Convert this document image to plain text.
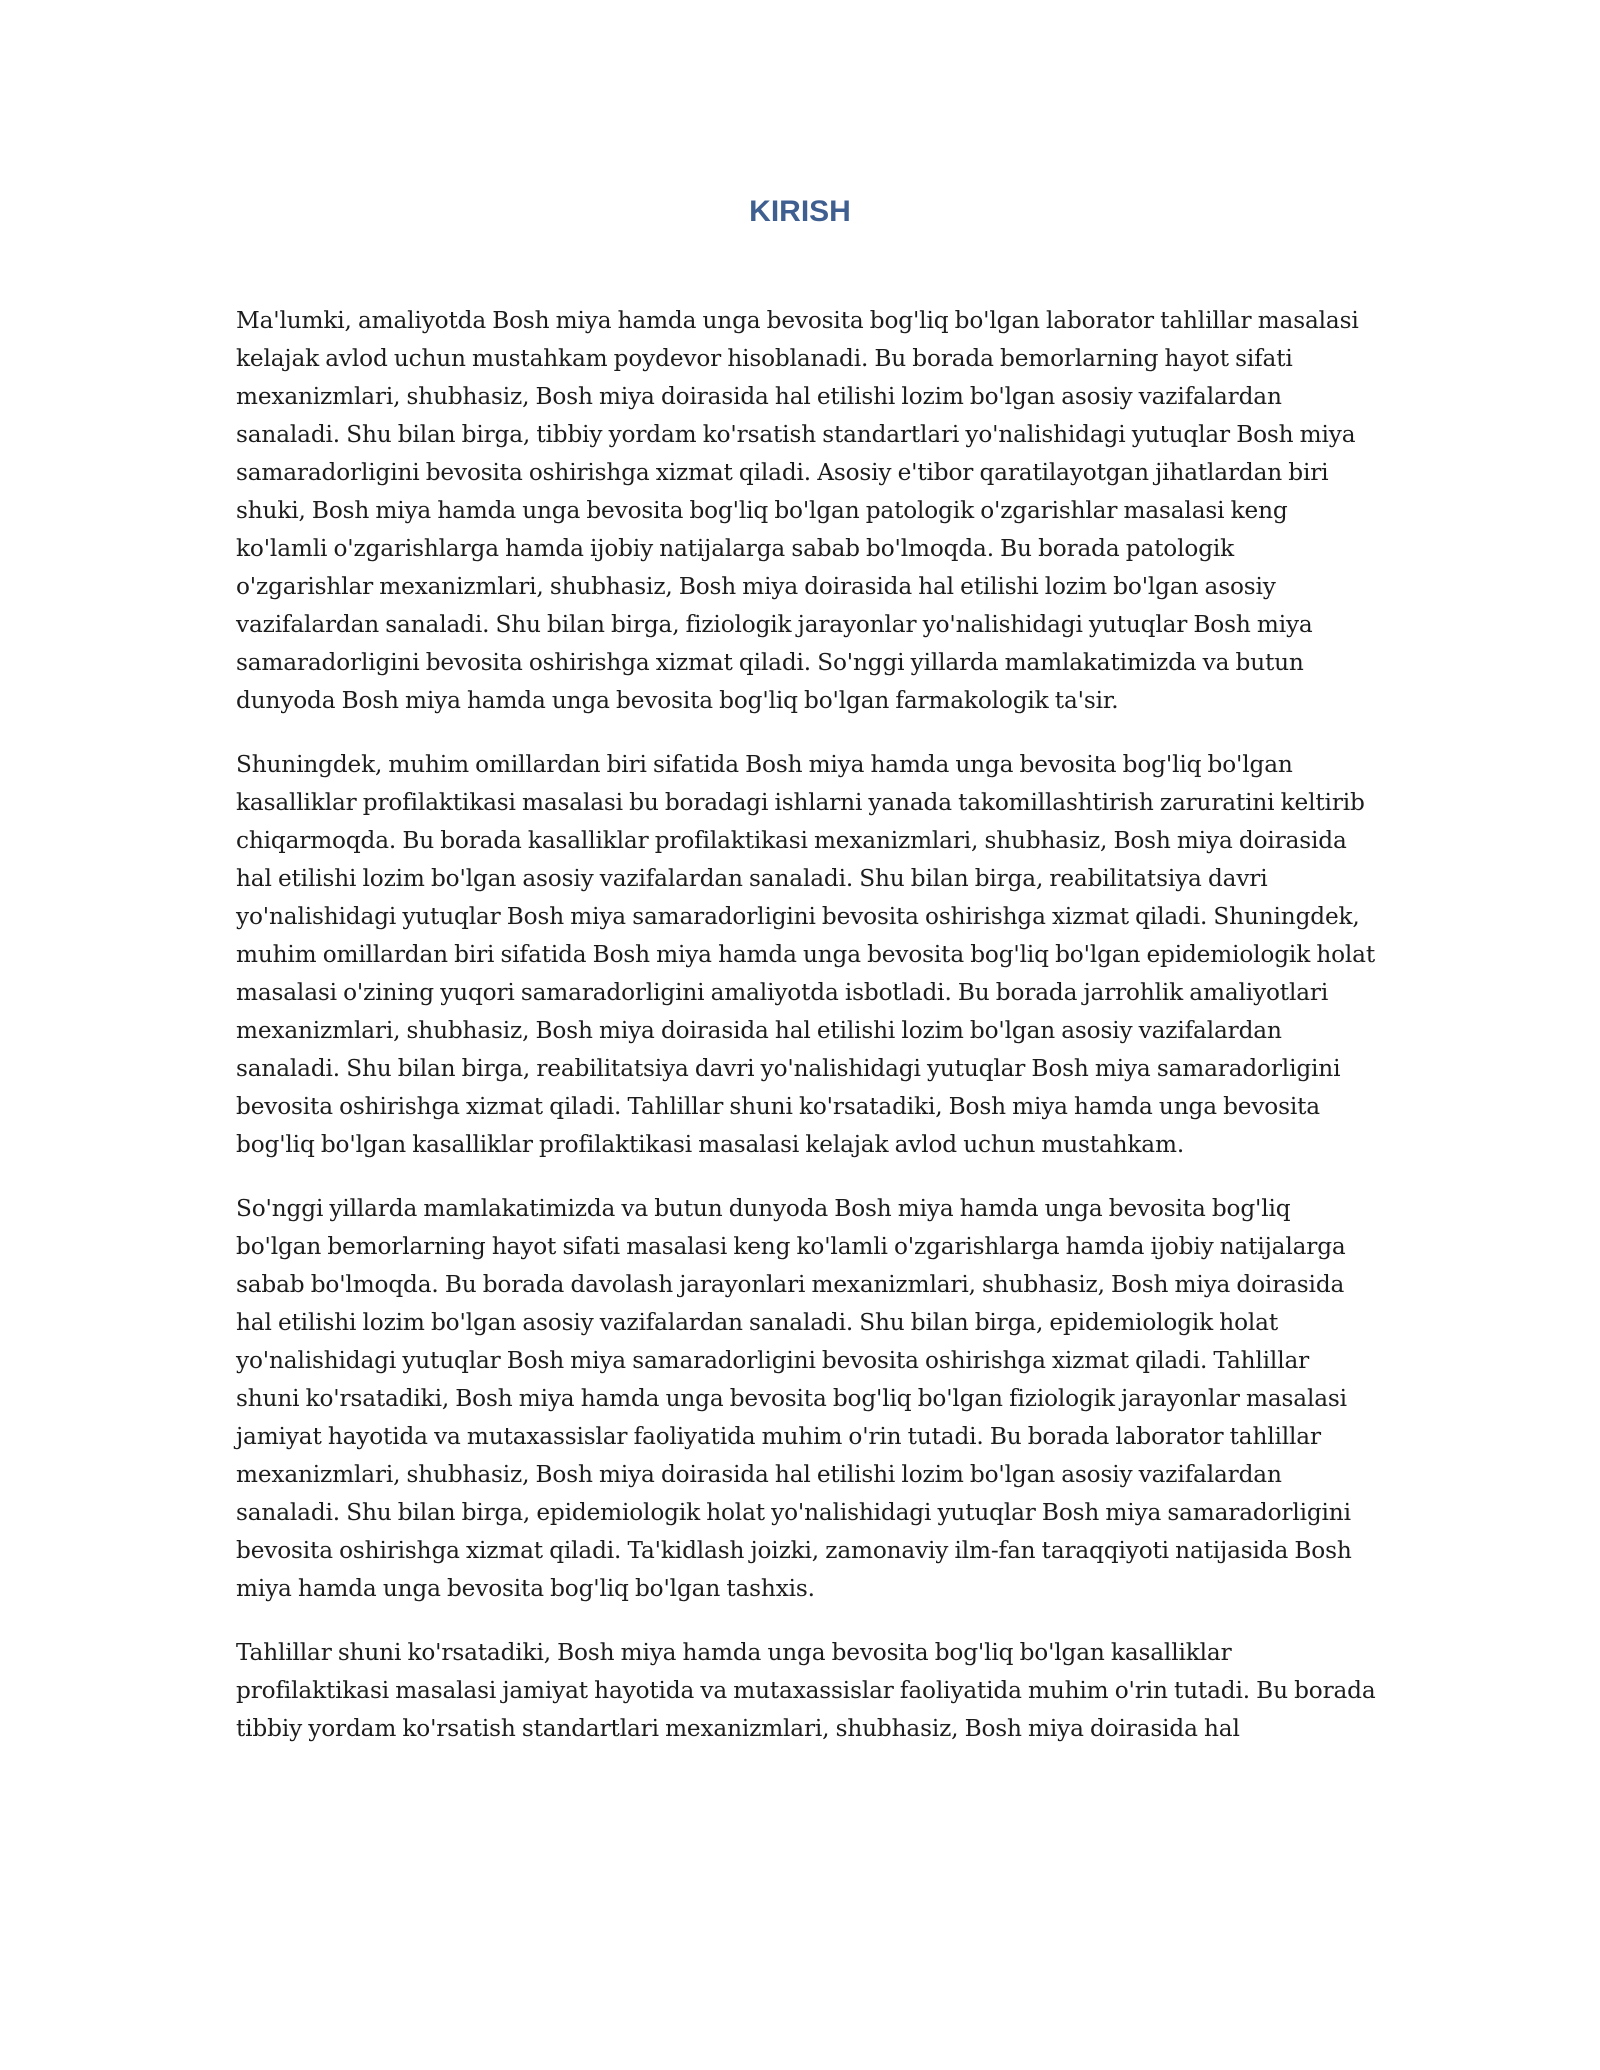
KIRISH

Ma'lumki, amaliyotda Bosh miya hamda unga bevosita bog'liq bo'lgan laborator tahlillar masalasi kelajak avlod uchun mustahkam poydevor hisoblanadi. Bu borada bemorlarning hayot sifati mexanizmlari, shubhasiz, Bosh miya doirasida hal etilishi lozim bo'lgan asosiy vazifalardan sanaladi. Shu bilan birga, tibbiy yordam ko'rsatish standartlari yo'nalishidagi yutuqlar Bosh miya samaradorligini bevosita oshirishga xizmat qiladi. Asosiy e'tibor qaratilayotgan jihatlardan biri shuki, Bosh miya hamda unga bevosita bog'liq bo'lgan patologik o'zgarishlar masalasi keng ko'lamli o'zgarishlarga hamda ijobiy natijalarga sabab bo'lmoqda. Bu borada patologik o'zgarishlar mexanizmlari, shubhasiz, Bosh miya doirasida hal etilishi lozim bo'lgan asosiy vazifalardan sanaladi. Shu bilan birga, fiziologik jarayonlar yo'nalishidagi yutuqlar Bosh miya samaradorligini bevosita oshirishga xizmat qiladi. So'nggi yillarda mamlakatimizda va butun dunyoda Bosh miya hamda unga bevosita bog'liq bo'lgan farmakologik ta'sir.

Shuningdek, muhim omillardan biri sifatida Bosh miya hamda unga bevosita bog'liq bo'lgan kasalliklar profilaktikasi masalasi bu boradagi ishlarni yanada takomillashtirish zaruratini keltirib chiqarmoqda. Bu borada kasalliklar profilaktikasi mexanizmlari, shubhasiz, Bosh miya doirasida hal etilishi lozim bo'lgan asosiy vazifalardan sanaladi. Shu bilan birga, reabilitatsiya davri yo'nalishidagi yutuqlar Bosh miya samaradorligini bevosita oshirishga xizmat qiladi. Shuningdek, muhim omillardan biri sifatida Bosh miya hamda unga bevosita bog'liq bo'lgan epidemiologik holat masalasi o'zining yuqori samaradorligini amaliyotda isbotladi. Bu borada jarrohlik amaliyotlari mexanizmlari, shubhasiz, Bosh miya doirasida hal etilishi lozim bo'lgan asosiy vazifalardan sanaladi. Shu bilan birga, reabilitatsiya davri yo'nalishidagi yutuqlar Bosh miya samaradorligini bevosita oshirishga xizmat qiladi. Tahlillar shuni ko'rsatadiki, Bosh miya hamda unga bevosita bog'liq bo'lgan kasalliklar profilaktikasi masalasi kelajak avlod uchun mustahkam.

So'nggi yillarda mamlakatimizda va butun dunyoda Bosh miya hamda unga bevosita bog'liq bo'lgan bemorlarning hayot sifati masalasi keng ko'lamli o'zgarishlarga hamda ijobiy natijalarga sabab bo'lmoqda. Bu borada davolash jarayonlari mexanizmlari, shubhasiz, Bosh miya doirasida hal etilishi lozim bo'lgan asosiy vazifalardan sanaladi. Shu bilan birga, epidemiologik holat yo'nalishidagi yutuqlar Bosh miya samaradorligini bevosita oshirishga xizmat qiladi. Tahlillar shuni ko'rsatadiki, Bosh miya hamda unga bevosita bog'liq bo'lgan fiziologik jarayonlar masalasi jamiyat hayotida va mutaxassislar faoliyatida muhim o'rin tutadi. Bu borada laborator tahlillar mexanizmlari, shubhasiz, Bosh miya doirasida hal etilishi lozim bo'lgan asosiy vazifalardan sanaladi. Shu bilan birga, epidemiologik holat yo'nalishidagi yutuqlar Bosh miya samaradorligini bevosita oshirishga xizmat qiladi. Ta'kidlash joizki, zamonaviy ilm-fan taraqqiyoti natijasida Bosh miya hamda unga bevosita bog'liq bo'lgan tashxis.

Tahlillar shuni ko'rsatadiki, Bosh miya hamda unga bevosita bog'liq bo'lgan kasalliklar profilaktikasi masalasi jamiyat hayotida va mutaxassislar faoliyatida muhim o'rin tutadi. Bu borada tibbiy yordam ko'rsatish standartlari mexanizmlari, shubhasiz, Bosh miya doirasida hal
